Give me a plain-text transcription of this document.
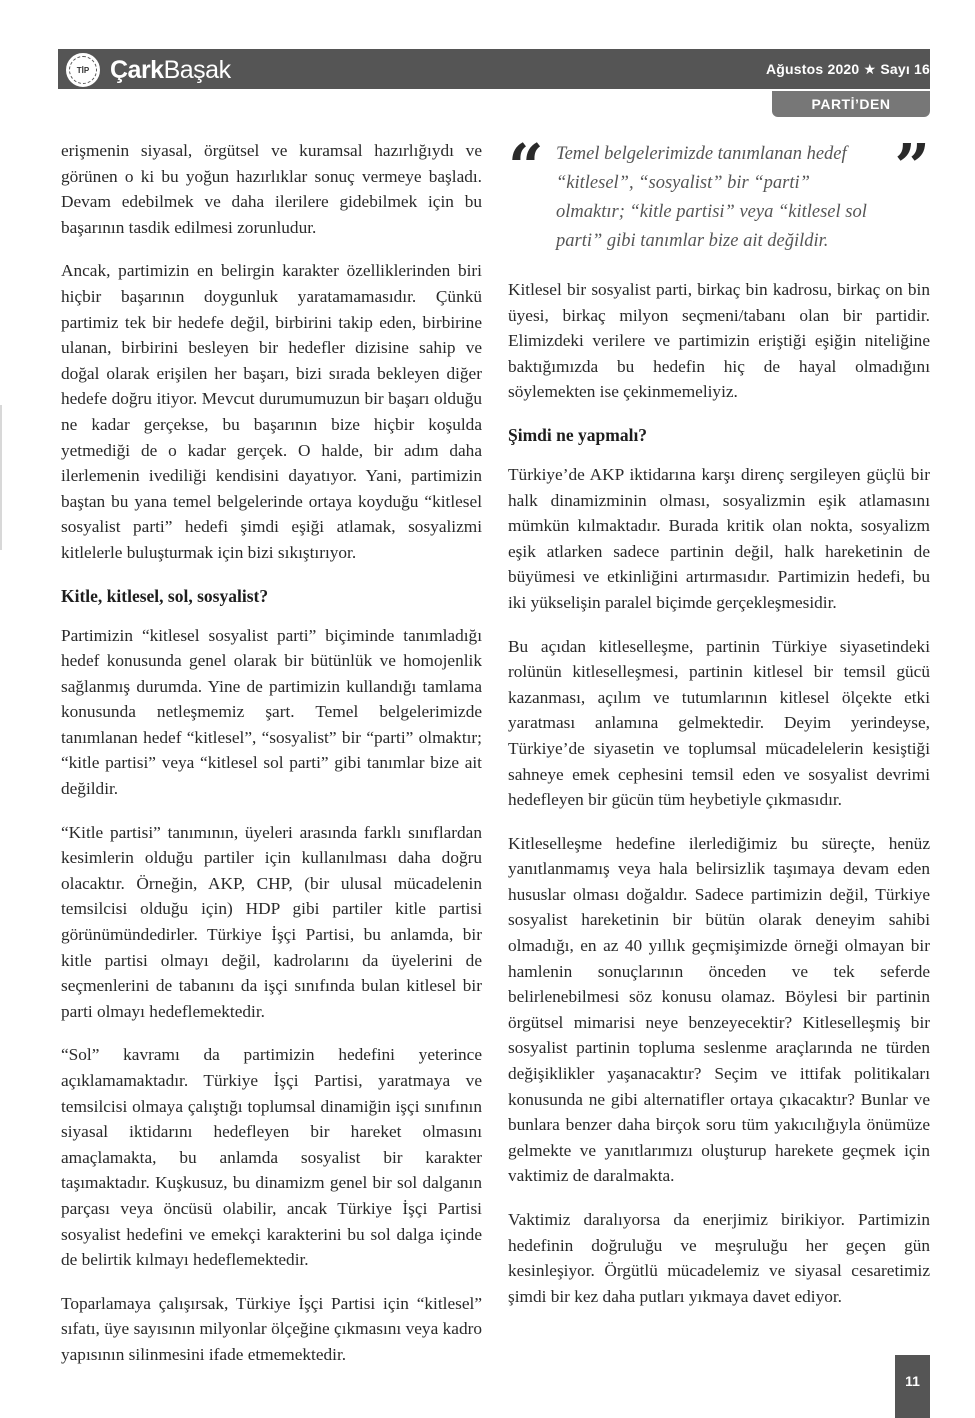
TİP ÇarkBaşak	Ağustos 2020 ★ Sayı 16
PARTİ’DEN

erişmenin siyasal, örgütsel ve kuramsal hazırlığıydı ve görünen o ki bu yoğun hazırlıklar sonuç vermeye başladı. Devam edebilmek ve daha ilerilere gidebilmek için bu başarının tasdik edilmesi zorunludur.

Ancak, partimizin en belirgin karakter özelliklerinden biri hiçbir başarının doygunluk yaratamamasıdır. Çünkü partimiz tek bir hedefe değil, birbirini takip eden, birbirine ulanan, birbirini besleyen bir hedefler dizisine sahip ve doğal olarak erişilen her başarı, bizi sırada bekleyen diğer hedefe doğru itiyor. Mevcut durumumuzun bir başarı olduğu ne kadar gerçekse, bu başarının bize hiçbir koşulda yetmediği de o kadar gerçek. O halde, bir adım daha ilerlemenin ivediliği kendisini dayatıyor. Yani, partimizin baştan bu yana temel belgelerinde ortaya koyduğu “kitlesel sosyalist parti” hedefi şimdi eşiği atlamak, sosyalizmi kitlelerle buluşturmak için bizi sıkıştırıyor.

Kitle, kitlesel, sol, sosyalist?

Partimizin “kitlesel sosyalist parti” biçiminde tanımladığı hedef konusunda genel olarak bir bütünlük ve homojenlik sağlanmış durumda. Yine de partimizin kullandığı tamlama konusunda netleşmemiz şart. Temel belgelerimizde tanımlanan hedef “kitlesel”, “sosyalist” bir “parti” olmaktır; “kitle partisi” veya “kitlesel sol parti” gibi tanımlar bize ait değildir.

“Kitle partisi” tanımının, üyeleri arasında farklı sınıflardan kesimlerin olduğu partiler için kullanılması daha doğru olacaktır. Örneğin, AKP, CHP, (bir ulusal mücadelenin temsilcisi olduğu için) HDP gibi partiler kitle partisi görünümündedirler. Türkiye İşçi Partisi, bu anlamda, bir kitle partisi olmayı değil, kadrolarını da üyelerini de seçmenlerini de tabanını da işçi sınıfında bulan kitlesel bir parti olmayı hedeflemektedir.

“Sol” kavramı da partimizin hedefini yeterince açıklamamaktadır. Türkiye İşçi Partisi, yaratmaya ve temsilcisi olmaya çalıştığı toplumsal dinamiğin işçi sınıfının siyasal iktidarını hedefleyen bir hareket olmasını amaçlamakta, bu anlamda sosyalist bir karakter taşımaktadır. Kuşkusuz, bu dinamizm genel bir sol dalganın parçası veya öncüsü olabilir, ancak Türkiye İşçi Partisi sosyalist hedefini ve emekçi karakterini bu sol dalga içinde de belirtik kılmayı hedeflemektedir.

Toparlamaya çalışırsak, Türkiye İşçi Partisi için “kitlesel” sıfatı, üye sayısının milyonlar ölçeğine çıkmasını veya kadro yapısının silinmesini ifade etmemektedir.

“ Temel belgelerimizde tanımlanan hedef “kitlesel”, “sosyalist” bir “parti” olmaktır; “kitle partisi” veya “kitlesel sol parti” gibi tanımlar bize ait değildir.
”

Kitlesel bir sosyalist parti, birkaç bin kadrosu, birkaç on bin üyesi, birkaç milyon seçmeni/tabanı olan bir partidir. Elimizdeki verilere ve partimizin eriştiği eşiğin niteliğine baktığımızda bu hedefin hiç de hayal olmadığını söylemekten ise çekinmemeliyiz.

Şimdi ne yapmalı?

Türkiye’de AKP iktidarına karşı direnç sergileyen güçlü bir halk dinamizminin olması, sosyalizmin eşik atlamasını mümkün kılmaktadır. Burada kritik olan nokta, sosyalizm eşik atlarken sadece partinin değil, halk hareketinin de büyümesi ve etkinliğini artırmasıdır. Partimizin hedefi, bu iki yükselişin paralel biçimde gerçekleşmesidir.

Bu açıdan kitleselleşme, partinin Türkiye siyasetindeki rolünün kitleselleşmesi, partinin kitlesel bir temsil gücü kazanması, açılım ve tutumlarının kitlesel ölçekte etki yaratması anlamına gelmektedir. Deyim yerindeyse, Türkiye’de siyasetin ve toplumsal mücadelelerin kesiştiği sahneye emek cephesini temsil eden ve sosyalist devrimi hedefleyen bir gücün tüm heybetiyle çıkmasıdır.

Kitleselleşme hedefine ilerlediğimiz bu süreçte, henüz yanıtlanmamış veya hala belirsizlik taşımaya devam eden hususlar olması doğaldır. Sadece partimizin değil, Türkiye sosyalist hareketinin bir bütün olarak deneyim sahibi olmadığı, en az 40 yıllık geçmişimizde örneği olmayan bir hamlenin sonuçlarının önceden ve tek seferde belirlenebilmesi söz konusu olamaz. Böylesi bir partinin örgütsel mimarisi neye benzeyecektir? Kitleselleşmiş bir sosyalist partinin topluma seslenme araçlarında ne türden değişiklikler yaşanacaktır? Seçim ve ittifak politikaları konusunda ne gibi alternatifler ortaya çıkacaktır? Bunlar ve bunlara benzer daha birçok soru tüm yakıcılığıyla önümüze gelmekte ve yanıtlarımızı oluşturup harekete geçmek için vaktimiz de daralmakta.

Vaktimiz daralıyorsa da enerjimiz birikiyor. Partimizin hedefinin doğruluğu ve meşruluğu her geçen gün kesinleşiyor. Örgütlü mücadelemiz ve siyasal cesaretimiz şimdi bir kez daha putları yıkmaya davet ediyor.

11
